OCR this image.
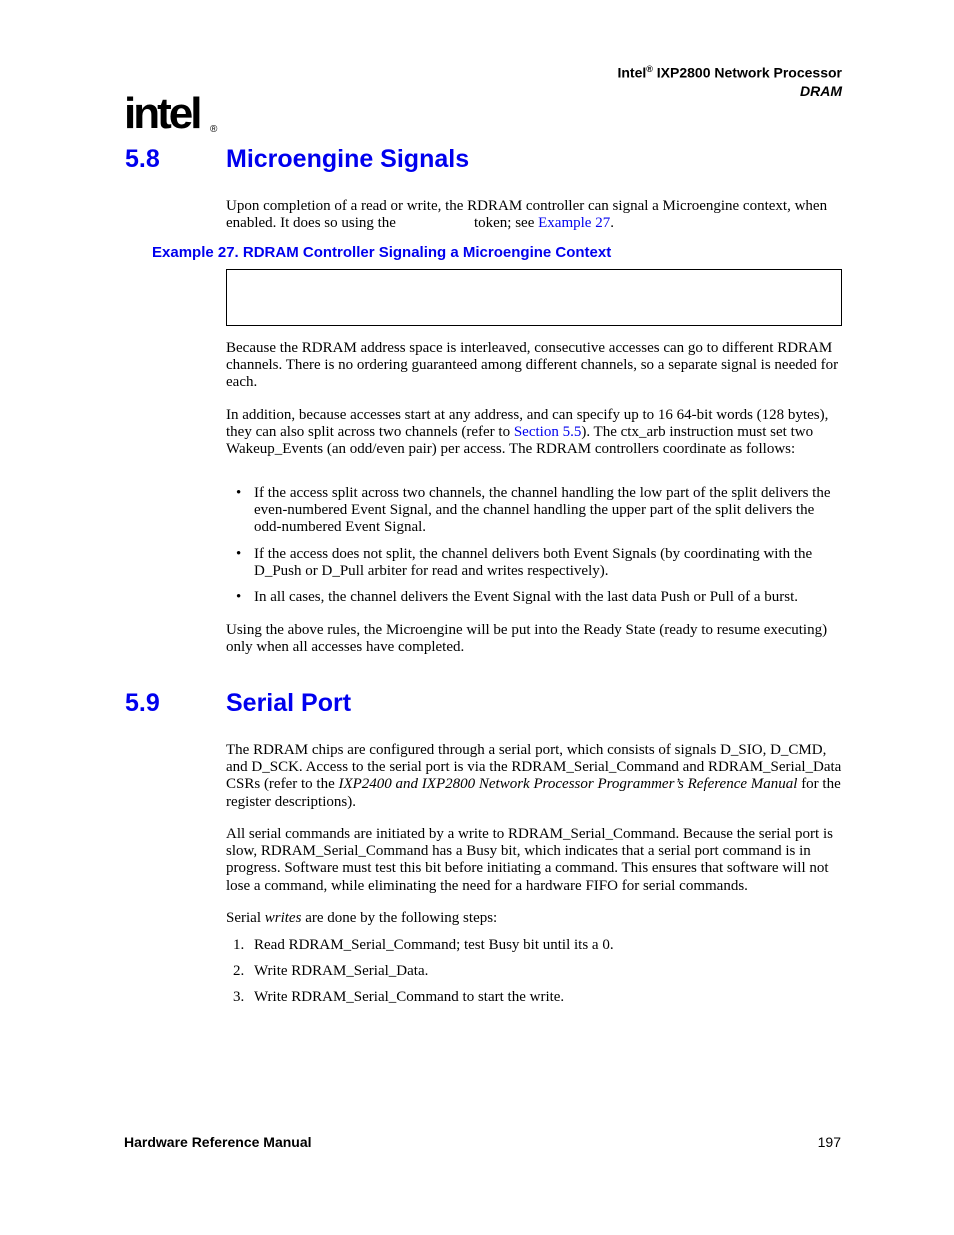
Intel® IXP2800 Network Processor
DRAM
intel ®
5.8	Microengine Signals
Upon completion of a read or write, the RDRAM controller can signal a Microengine context, when enabled. It does so using the	token; see Example 27.
Example 27. RDRAM Controller Signaling a Microengine Context
Because the RDRAM address space is interleaved, consecutive accesses can go to different RDRAM channels. There is no ordering guaranteed among different channels, so a separate signal is needed for each.
In addition, because accesses start at any address, and can specify up to 16 64-bit words (128 bytes), they can also split across two channels (refer to Section 5.5). The ctx_arb instruction must set two Wakeup_Events (an odd/even pair) per access. The RDRAM controllers coordinate as follows:
• If the access split across two channels, the channel handling the low part of the split delivers the even-numbered Event Signal, and the channel handling the upper part of the split delivers the odd-numbered Event Signal.
• If the access does not split, the channel delivers both Event Signals (by coordinating with the D_Push or D_Pull arbiter for read and writes respectively).
• In all cases, the channel delivers the Event Signal with the last data Push or Pull of a burst.
Using the above rules, the Microengine will be put into the Ready State (ready to resume executing) only when all accesses have completed.
5.9	Serial Port
The RDRAM chips are configured through a serial port, which consists of signals D_SIO, D_CMD, and D_SCK. Access to the serial port is via the RDRAM_Serial_Command and RDRAM_Serial_Data CSRs (refer to the IXP2400 and IXP2800 Network Processor Programmer’s Reference Manual for the register descriptions).
All serial commands are initiated by a write to RDRAM_Serial_Command. Because the serial port is slow, RDRAM_Serial_Command has a Busy bit, which indicates that a serial port command is in progress. Software must test this bit before initiating a command. This ensures that software will not lose a command, while eliminating the need for a hardware FIFO for serial commands.
Serial writes are done by the following steps:
1. Read RDRAM_Serial_Command; test Busy bit until its a 0.
2. Write RDRAM_Serial_Data.
3. Write RDRAM_Serial_Command to start the write.
Hardware Reference Manual	197
